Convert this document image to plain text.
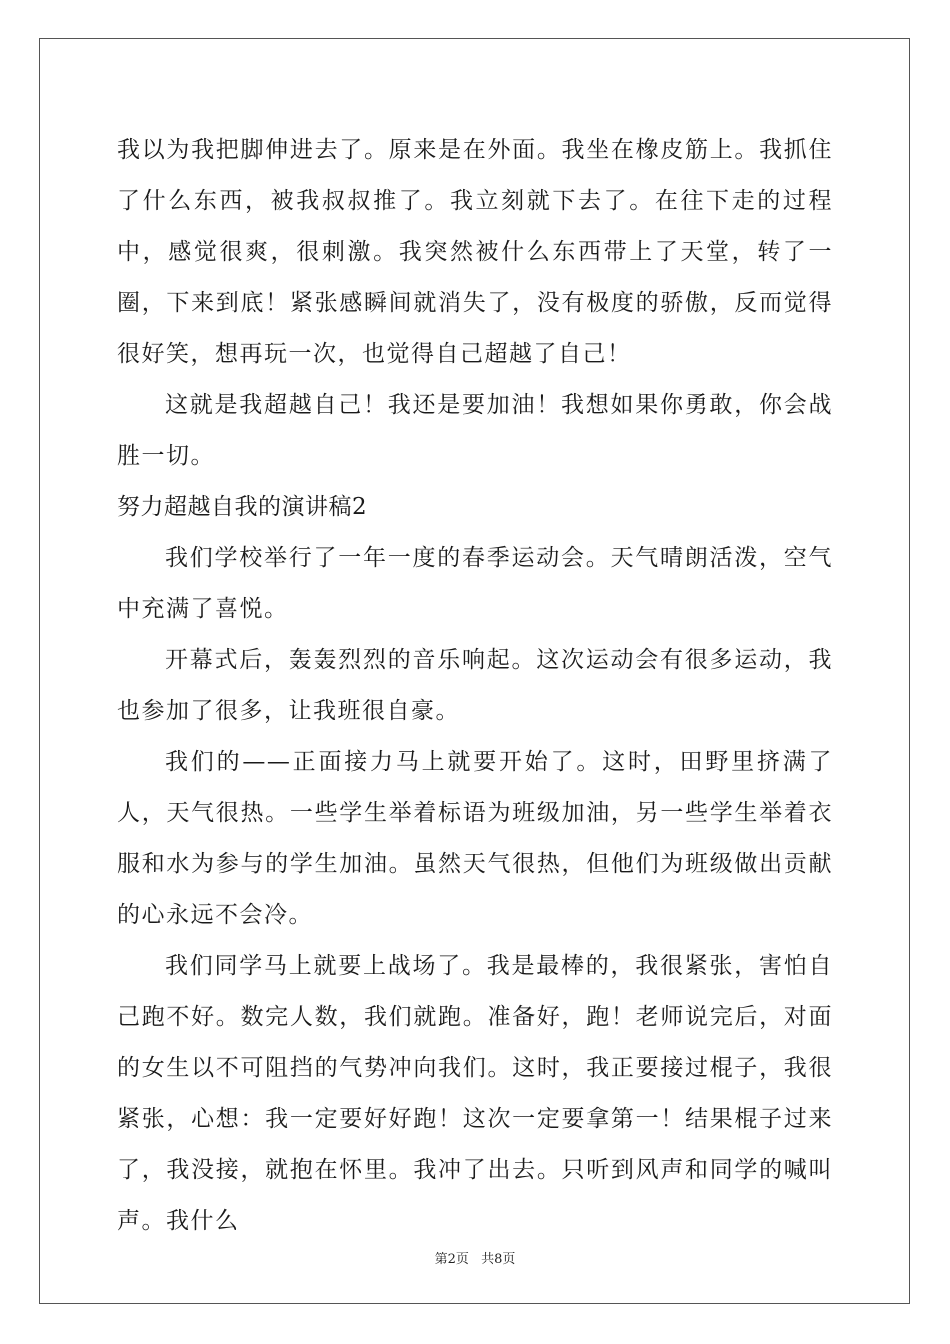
我以为我把脚伸进去了。原来是在外面。我坐在橡皮筋上。我抓住了什么东西，被我叔叔推了。我立刻就下去了。在往下走的过程中，感觉很爽，很刺激。我突然被什么东西带上了天堂，转了一圈，下来到底！紧张感瞬间就消失了，没有极度的骄傲，反而觉得很好笑，想再玩一次，也觉得自己超越了自己！

这就是我超越自己！我还是要加油！我想如果你勇敢，你会战胜一切。

努力超越自我的演讲稿2

我们学校举行了一年一度的春季运动会。天气晴朗活泼，空气中充满了喜悦。

开幕式后，轰轰烈烈的音乐响起。这次运动会有很多运动，我也参加了很多，让我班很自豪。

我们的——正面接力马上就要开始了。这时，田野里挤满了人，天气很热。一些学生举着标语为班级加油，另一些学生举着衣服和水为参与的学生加油。虽然天气很热，但他们为班级做出贡献的心永远不会冷。

我们同学马上就要上战场了。我是最棒的，我很紧张，害怕自己跑不好。数完人数，我们就跑。准备好，跑！老师说完后，对面的女生以不可阻挡的气势冲向我们。这时，我正要接过棍子，我很紧张，心想：我一定要好好跑！这次一定要拿第一！结果棍子过来了，我没接，就抱在怀里。我冲了出去。只听到风声和同学的喊叫声。我什么

第2页 共8页
